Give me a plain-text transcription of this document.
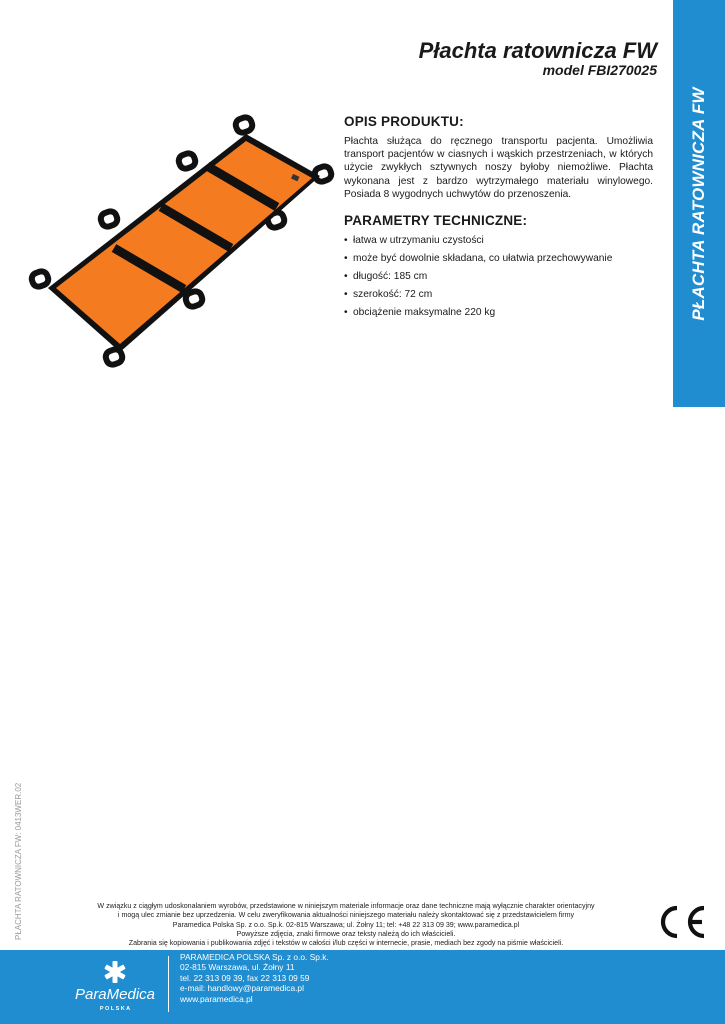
PŁACHTA RATOWNICZA FW
Płachta ratownicza FW
model FBI270025
OPIS PRODUKTU:

Płachta służąca do ręcznego transportu pacjenta. Umożliwia transport pacjentów w ciasnych i wąskich przestrzeniach, w których użycie zwykłych sztywnych noszy byłoby niemożliwe. Płachta wykonana jest z bardzo wytrzymałego materiału winylowego. Posiada 8 wygodnych uchwytów do przenoszenia.

PARAMETRY TECHNICZNE:
• łatwa w utrzymaniu czystości
• może być dowolnie składana, co ułatwia przechowywanie
• długość: 185 cm
• szerokość: 72 cm
• obciążenie maksymalne 220 kg
PŁACHTA RATOWNICZA FW: 0413WER.02	W związku z ciągłym udoskonalaniem wyrobów, przedstawione w niniejszym materiale informacje oraz dane techniczne mają wyłącznie charakter orientacyjny
i mogą ulec zmianie bez uprzedzenia. W celu zweryfikowania aktualności niniejszego materiału należy skontaktować się z przedstawicielem firmy
Paramedica Polska Sp. z o.o. Sp.k. 02-815 Warszawa; ul. Żołny 11; tel: +48 22 313 09 39; www.paramedica.pl
Powyższe zdjęcia, znaki firmowe oraz teksty należą do ich właścicieli.
Zabrania się kopiowania i publikowania zdjęć i tekstów w całości i/lub części w internecie, prasie, mediach bez zgody na piśmie właścicieli.
ParaMedica
P O L S K A
PARAMEDICA POLSKA Sp. z o.o. Sp.k.
02-815 Warszawa, ul. Żołny 11
tel. 22 313 09 39, fax 22 313 09 59
e-mail: handlowy@paramedica.pl
www.paramedica.pl
